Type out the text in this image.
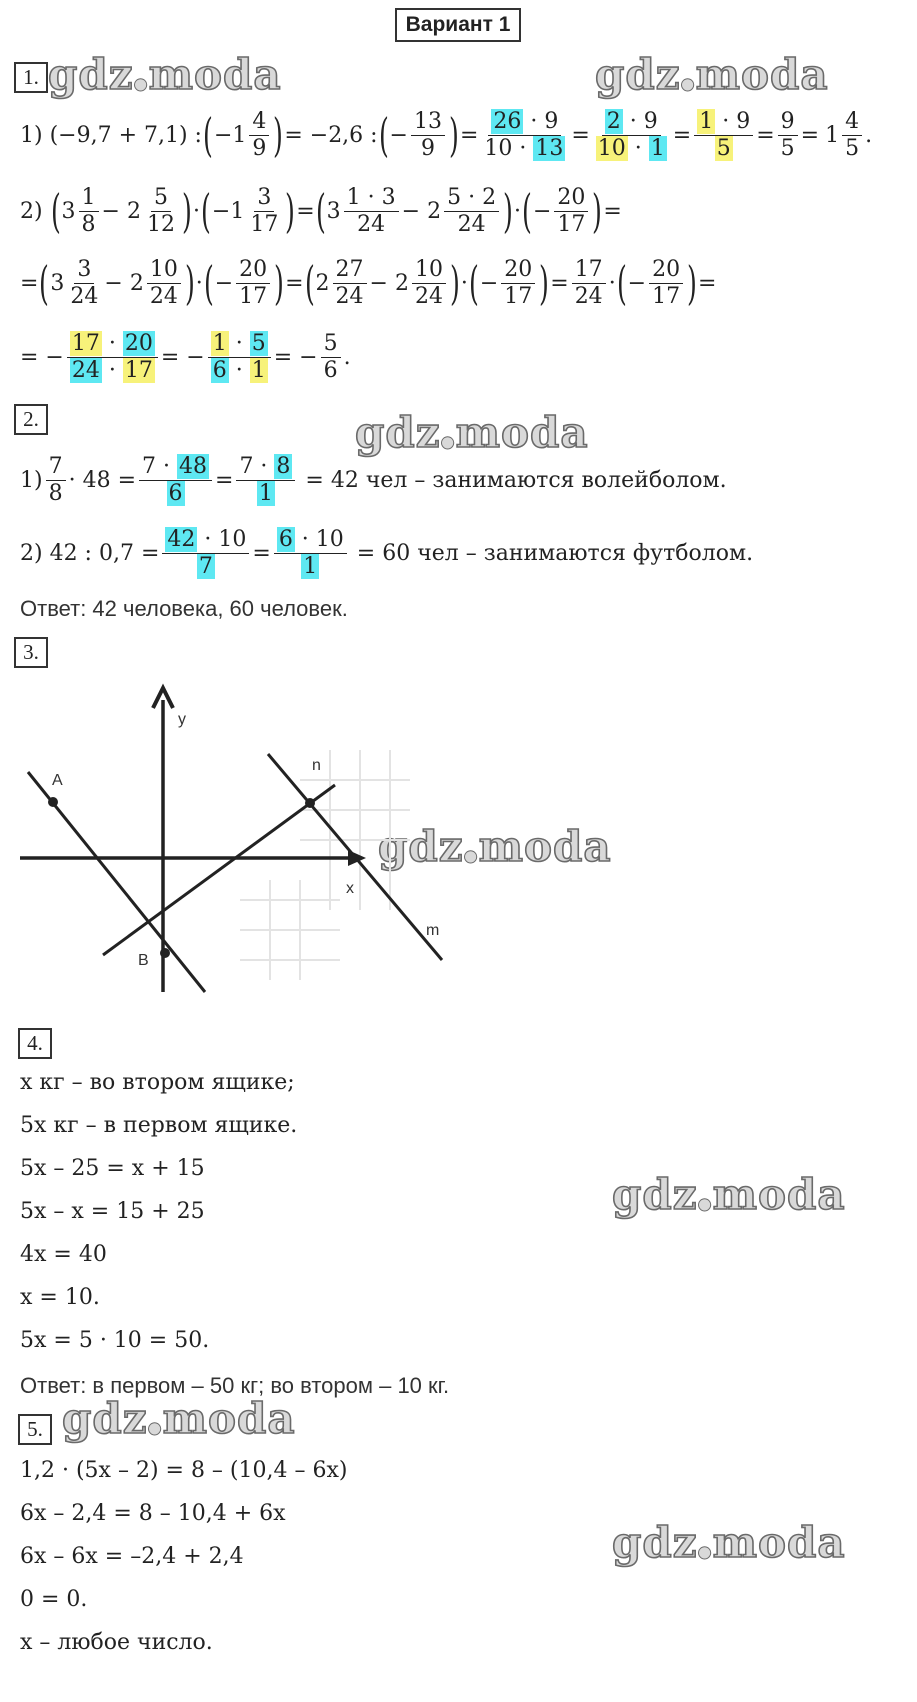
Вариант 1
gdz●moda	gdz●moda
gdz●moda
gdz●moda
gdz●moda
gdz●moda
gdz●moda
1.
1) (−9,7 + 7,1) : ( −1
4
9 ) = −2,6 : ( − $\frac{13}{9}$ ) = $\frac{26 \cdot 9}{10 \cdot 13} = \frac{2 \cdot 9}{10 \cdot 1} = \frac{1 \cdot 9}{5} = \frac{9}{5} = 1$
4
5
.
2) ( 3
1
8
− 2
5
12 ) · ( −1
3
17 ) = ( 3
1 · 3
24
− 2
5 · 2
24 ) · ( − $\frac{20}{17}$ ) =
= ( 3
3
24
− 2
10
24 ) · ( − $\frac{20}{17}$ ) = ( 2
27
24
− 2
10
24 ) · ( − $\frac{20}{17}$ ) = $\frac{17}{24}$ · ( − $\frac{20}{17}$ ) =
= − $\frac{17 \cdot 20}{24 \cdot 17}$ = − $\frac{1 \cdot 5}{6 \cdot 1}$ = − $\frac{5}{6}$ .
2.
1)
7
8
· $48 = \frac{7 \cdot 48}{6} = \frac{7 \cdot 8}{1} = 42$ чел – занимаются волейболом.
2) 42 : $0,7 = \frac{42 \cdot 10}{7} = \frac{6 \cdot 10}{1} = 60$ чел – занимаются футболом.
Ответ: 42 человека, 60 человек.
3.
y
A
n
x
m
B
4.
x кг – во втором ящике;
5x кг – в первом ящике.
5x – 25 = x + 15
5x – x = 15 + 25
4x = 40
x = 10.
5x = 5 · 10 = 50.
Ответ: в первом – 50 кг; во втором – 10 кг.
5.
1,2 · (5x – 2) = 8 – (10,4 – 6x)
6x – 2,4 = 8 – 10,4 + 6x
6x – 6x = –2,4 + 2,4
0 = 0.
x – любое число.
